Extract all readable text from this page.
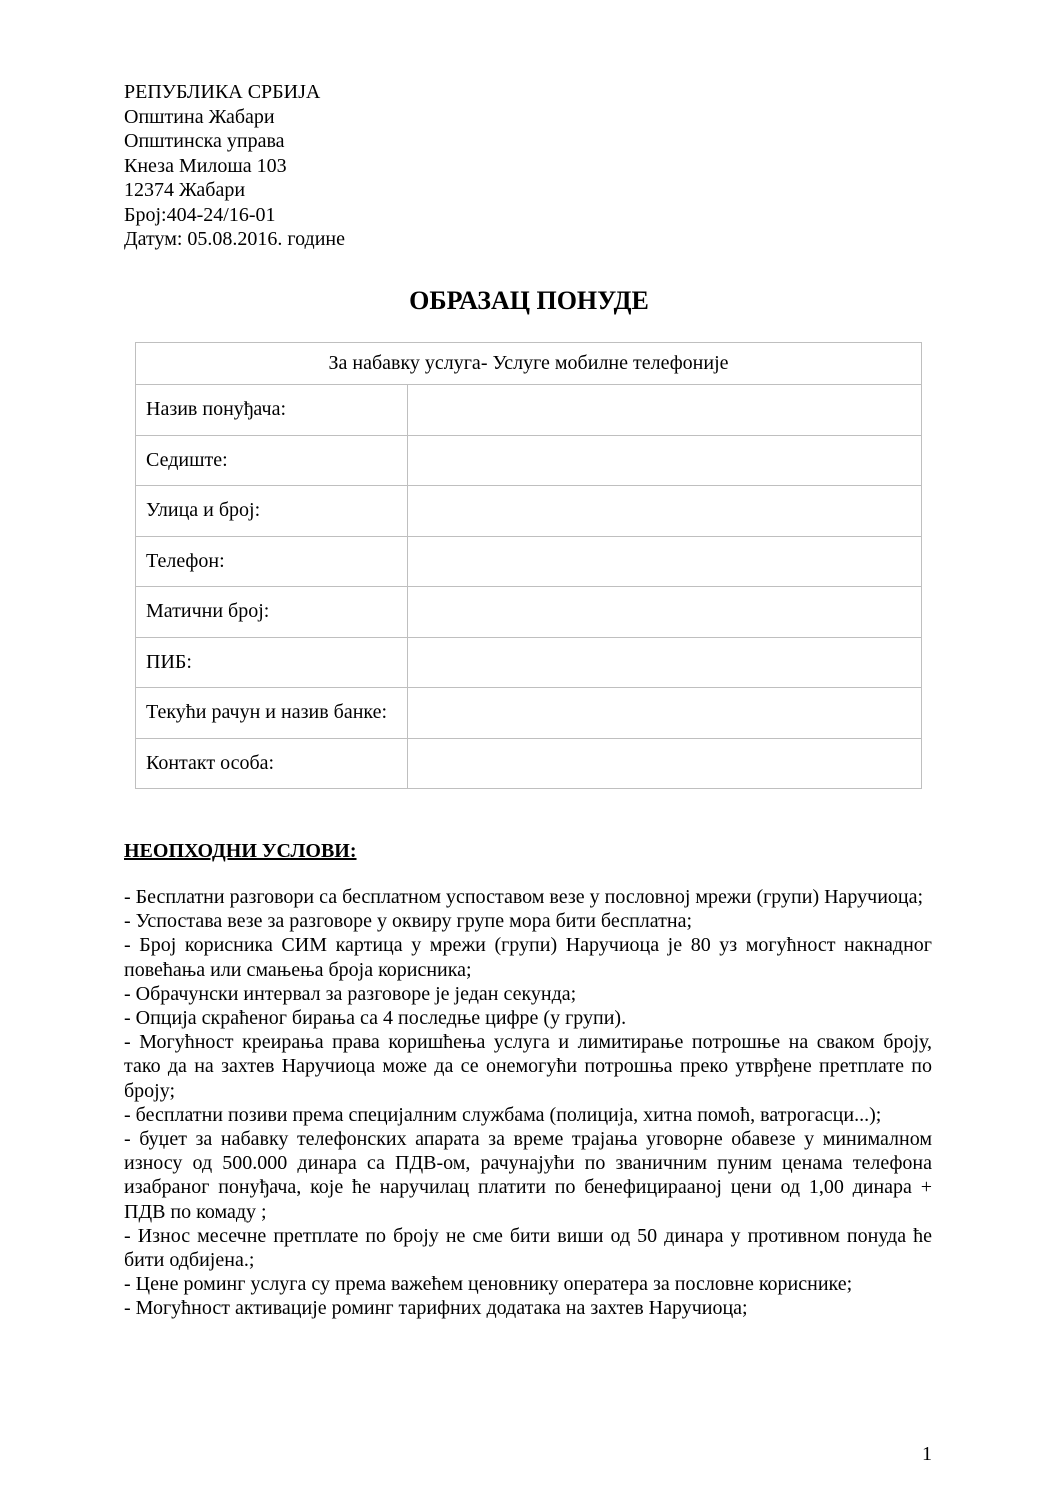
РЕПУБЛИКА СРБИЈА
Општина Жабари
Општинска управа
Кнеза Милоша 103
12374 Жабари
Број:404-24/16-01
Датум: 05.08.2016. године
ОБРАЗАЦ ПОНУДЕ
За набавку услуга- Услуге мобилне телефоније	
Назив понуђача:	
Седиште:	
Улица и број:	
Телефон:	
Матични број:	
ПИБ:	
Текући рачун и назив банке:	
Контакт особа:	
НЕОПХОДНИ УСЛОВИ:
- Бесплатни разговори са бесплатном успоставом везе у пословној мрежи (групи) Наручиоца;
- Успостава везе за разговоре у оквиру групе мора бити бесплатна;
- Број корисника СИМ картица у мрежи (групи) Наручиоца је 80 уз могућност накнадног повећања или смањења броја корисника;
- Обрачунски интервал за разговоре је један секунда;
- Опција скраћеног бирања са 4 последње цифре (у групи).
- Могућност креирања права коришћења услуга и лимитирање потрошње на сваком броју, тако да на захтев Наручиоца може да се онемогући потрошња преко утврђене претплате по броју;
- бесплатни позиви према специјалним службама (полиција, хитна помоћ, ватрогасци...);
- буџет за набавку телефонских апарата за време трајања уговорне обавезе у минималном износу од 500.000 динара са ПДВ-ом, рачунајући по званичним пуним ценама телефона изабраног понуђача, које ће наручилац платити по бенефицирааној цени од 1,00 динара + ПДВ по комаду ;
- Износ месечне претплате по броју не сме бити виши од 50 динара у противном понуда ће бити одбијена.;
- Цене роминг услуга су према важећем ценовнику оператера за пословне кориснике;
- Могућност активације роминг тарифних додатака на захтев Наручиоца;
1
